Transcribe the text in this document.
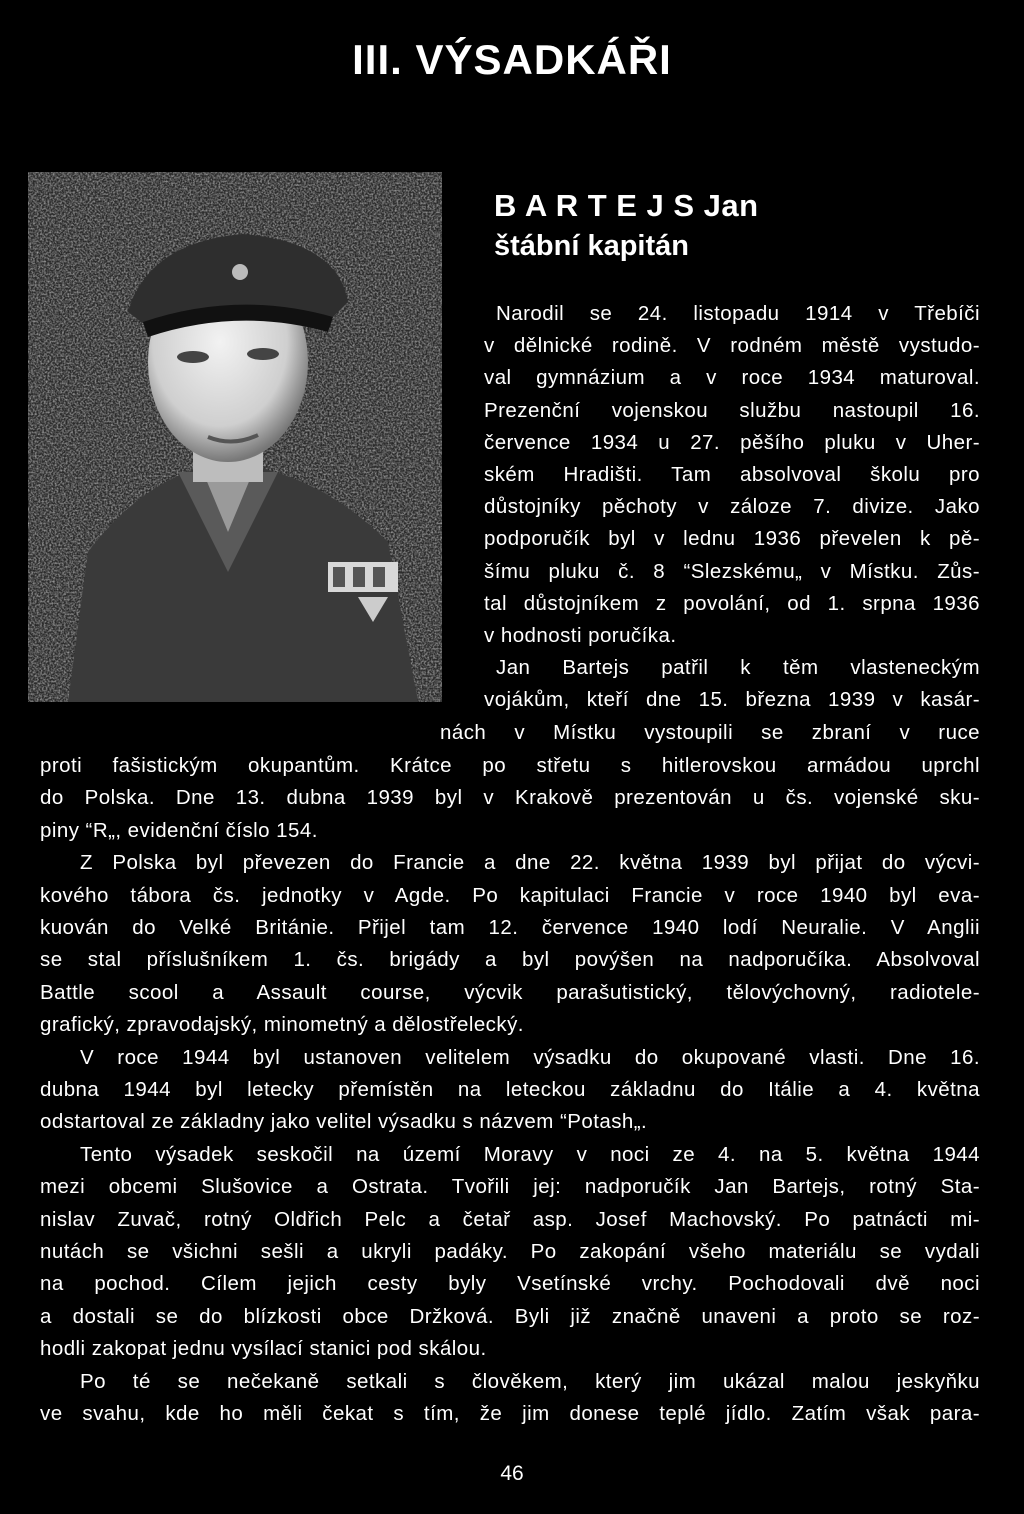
III. VÝSADKÁŘI
B A R T E J S Jan
štábní kapitán
Narodil se 24. listopadu 1914 v Třebíči
v dělnické rodině. V rodném městě vystudo-
val gymnázium a v roce 1934 maturoval.
Prezenční vojenskou službu nastoupil 16.
července 1934 u 27. pěšího pluku v Uher-
ském Hradišti. Tam absolvoval školu pro
důstojníky pěchoty v záloze 7. divize. Jako
podporučík byl v lednu 1936 převelen k pě-
šímu pluku č. 8 “Slezskému„ v Místku. Zůs-
tal důstojníkem z povolání, od 1. srpna 1936
v hodnosti poručíka.
Jan Bartejs patřil k těm vlasteneckým
vojákům, kteří dne 15. března 1939 v kasár-
nách v Místku vystoupili se zbraní v ruce
proti fašistickým okupantům. Krátce po střetu s hitlerovskou armádou uprchl
do Polska. Dne 13. dubna 1939 byl v Krakově prezentován u čs. vojenské sku-
piny “R„, evidenční číslo 154.
Z Polska byl převezen do Francie a dne 22. května 1939 byl přijat do výcvi-
kového tábora čs. jednotky v Agde. Po kapitulaci Francie v roce 1940 byl eva-
kuován do Velké Británie. Přijel tam 12. července 1940 lodí Neuralie. V Anglii
se stal příslušníkem 1. čs. brigády a byl povýšen na nadporučíka. Absolvoval
Battle scool a Assault course, výcvik parašutistický, tělovýchovný, radiotele-
grafický, zpravodajský, minometný a dělostřelecký.
V roce 1944 byl ustanoven velitelem výsadku do okupované vlasti. Dne 16.
dubna 1944 byl letecky přemístěn na leteckou základnu do Itálie a 4. května
odstartoval ze základny jako velitel výsadku s názvem “Potash„.
Tento výsadek seskočil na území Moravy v noci ze 4. na 5. května 1944
mezi obcemi Slušovice a Ostrata. Tvořili jej: nadporučík Jan Bartejs, rotný Sta-
nislav Zuvač, rotný Oldřich Pelc a četař asp. Josef Machovský. Po patnácti mi-
nutách se všichni sešli a ukryli padáky. Po zakopání všeho materiálu se vydali
na pochod. Cílem jejich cesty byly Vsetínské vrchy. Pochodovali dvě noci
a dostali se do blízkosti obce Držková. Byli již značně unaveni a proto se roz-
hodli zakopat jednu vysílací stanici pod skálou.
Po té se nečekaně setkali s člověkem, který jim ukázal malou jeskyňku
ve svahu, kde ho měli čekat s tím, že jim donese teplé jídlo. Zatím však para-
46
